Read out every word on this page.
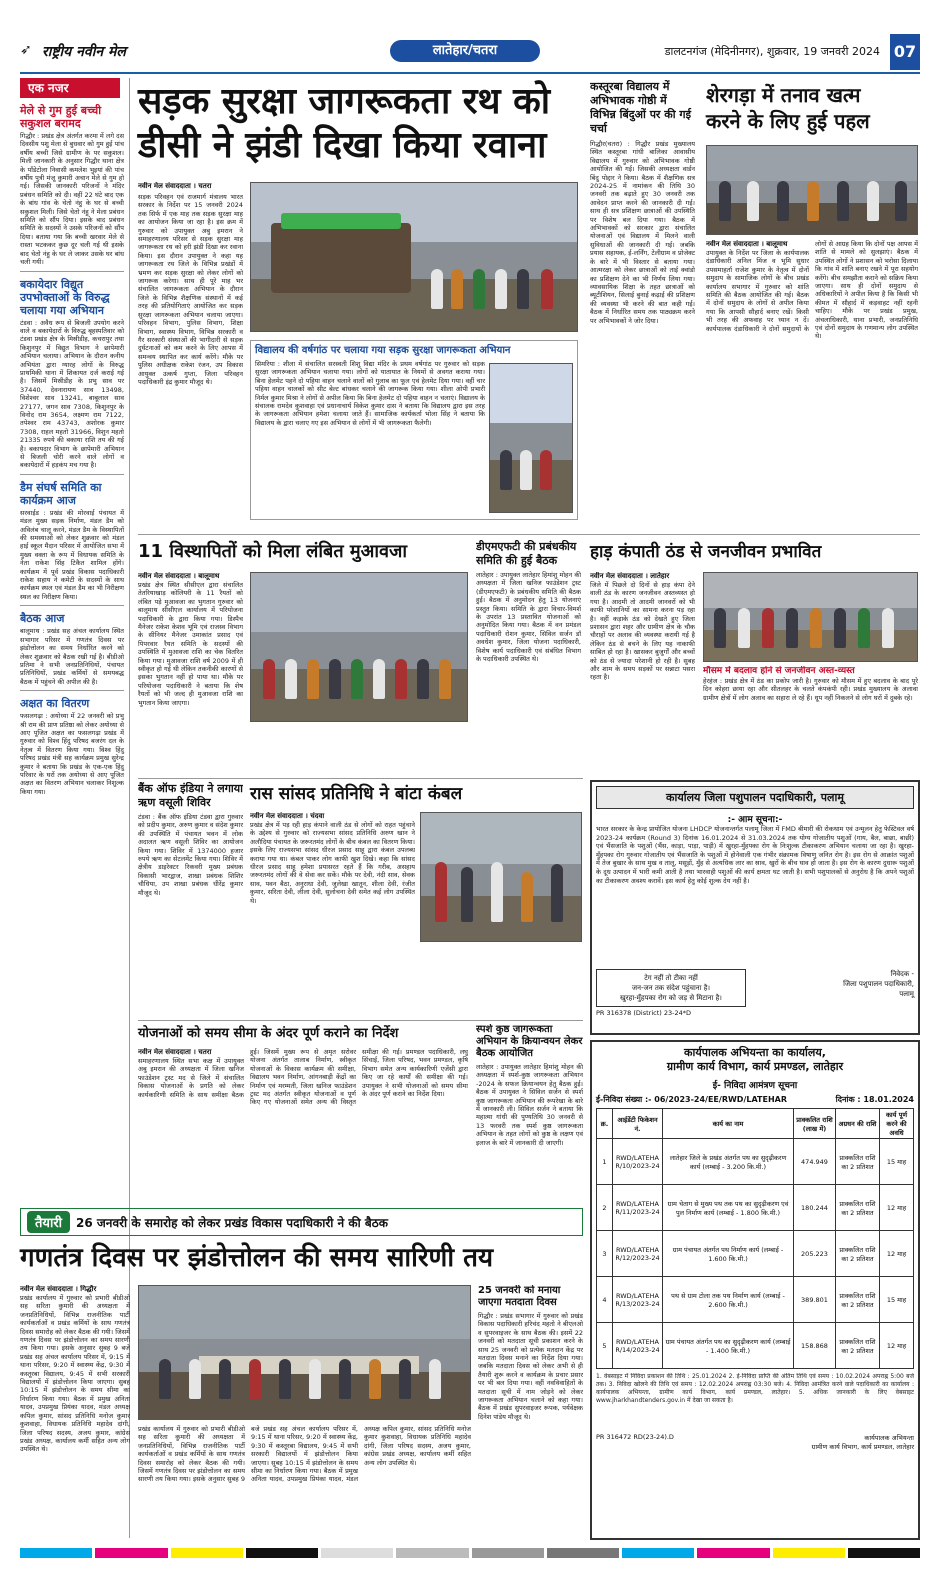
➶ राष्ट्रीय नवीन मेल	लातेहार/चतरा	डालटनगंज (मेदिनीनगर), शुक्रवार, 19 जनवरी 2024 07
एक नजर
मेले से गुम हुई बच्ची सकुशल बरामद
गिद्धौर : प्रखंड क्षेत्र अंतर्गत करमा में लगे दस दिवसीय पशु मेला से बुधवार को गुम हुई पांच वर्षीय बच्ची जिसे ग्रामीण के पर सकुशल। मिली जानकारी के अनुसार गिद्धौर थाना क्षेत्र के पाँडेटोला निवासी कमलेश भुइयां की पांच वर्षीय पुत्री मंजू कुमारी अचान मेले से गुम हो गई। जिसकी जानकारी परिजनों ने मंदिर प्रबंधन समिति को दी। वहीं 22 घंटे बाद एक के बांध गांव के चेतो नंहु के घर से बच्ची सकुशल मिली। जिसे चेतो नंहु ने मेला प्रबंधन समिति को सौंप दिया। इसके बाद प्रबंधन समिति के सदस्यों ने उसके परिजनों को सौंप दिया। बताया गया कि बच्ची खरवार मेले से रास्ता भटककर कुछ दूर चली गई थी इसके बाद चेतो नंहु के घर ले जाकर उसके घर बांध चली गयी।
बकायेदार विद्युत उपभोक्ताओं के विरुद्ध चलाया गया अभियान
टंडवा : अवैध रूप से बिजली उपयोग करने वाले व बकायेदारों के विरुद्ध बृहस्पतिवार को टंडवा प्रखंड क्षेत्र के मिस्रीडीह, कचरापुर तथा किशुनपुर में विद्युत विभाग ने छापेमारी अभियान चलाया। अभियान के दौरान कनीय अभियंता द्वारा ग्यारह लोगों के विरुद्ध प्राथमिकी थाना में शिकायत दर्ज कराई गई है। जिसमें मिस्रीडीह के प्रभु साव पर 37440, देवनारायण साव 13498, विशेश्वर साव 13241, बाबूलाल साव 27177, जगन साव 7308, किशुनपुर के विनोद राम 3654, लक्ष्मण राम 7122, तपेश्वर राम 43743, अशोरक कुमार 7308, राहल महतो 31966, विशुन महतो 21335 रुपये की बकाया राशि तय की गई है। बकायदार विभाग के छापेमारी अभियान से बिजली चोरी करने वाले लोगों व बकायेदारों में हड़कंप मच गया है।
डैम संघर्ष समिति का कार्यक्रम आज
सरवाईड : प्रखंड की मोरवाई पंचायत में मंडल मुख्य सड़क निर्माण, मंडल डैम को अविलंब चालू करने, मंडल डैम के विस्थापितों की समस्याओं को लेकर शुक्रवार को मंडल हाई स्कूल मैदान परिसर में आयोजित सभा में मुख्य वक्ता के रूप में विधायक समिति के नेता राकेश सिंह टिकैत शामिल होंगे। कार्यक्रम में पूर्व प्रखंड विकास पदाधिकारी राकेश सहाय ने कमेटी के सदस्यों के साथ कार्यक्रम स्थल एवं मंडल डैम का भी निरीक्षण स्थल का निरीक्षण किया।
बैठक आज
बालूमाथ : प्रखंड सह अंचल कार्यालय स्थित सभागार परिसर में गणतंत्र दिवस पर झंडोत्तोलन का समय निर्धारित करने को लेकर शुक्रवार को बैठक रखी गई है। बीडीओ प्रतिमा ने सभी जनप्रतिनिधियों, पंचायत प्रतिनिधियों, प्रखंड कर्मियों से समयबद्ध बैठक में पहुंचने की अपील की है।
अक्षत का वितरण
फसलगढ़ा : अयोध्या में 22 जनवरी को प्रभु श्री राम की प्राण प्रतिष्ठा को लेकर अयोध्या से आए पूजित अक्षत का फसलगढ़ा प्रखंड में गुरुवार को विश्व हिंदु परिषद बजरंग दल के नेतृत्व में वितरण किया गया। विश्व हिंदु परिषद प्रखंड मंत्री सह कार्यक्रम प्रमुख सुरेन्द्र कुमार ने बताया कि प्रखंड के एक-एक हिंदु परिवार के घरों तक अयोध्या से आए पूजित अक्षत का वितरण अभियान चलाकर निशुल्क किया गया।
सड़क सुरक्षा जागरूकता रथ को
डीसी ने झंडी दिखा किया रवाना
नवीन मेल संवाददाता । चतरा
सड़क परिवहन एवं राजमार्ग मंत्रालय भारत सरकार के निर्देश पर 15 जनवरी 2024 तक सिर्फ में एक माह तक सड़क सुरक्षा माह का आयोजन किया जा रहा है। इस क्रम में गुरुवार को उपायुक्त अबु इमरान ने समाहरणालय परिसर से सड़क सुरक्षा माह जागरूकता रथ को हरी झंडी दिखा कर रवाना किया। इस दौरान उपायुक्त ने कहा यह जागरूकता रथ जिले के विभिन्न प्रखंडों में भ्रमण कर सड़क सुरक्षा को लेकर लोगों को जागरूक करेगा। साथ ही पूरे माह भर संचालित जागरूकता अभियान के दौरान जिले के विभिन्न शैक्षणिक संस्थानों में कई तरह की प्रतियोगिताएं आयोजित कर सड़क सुरक्षा जागरूकता अभियान चलाया जाएगा। परिवहन विभाग, पुलिस विभाग, शिक्षा विभाग, स्वास्थ्य विभाग, विभिन्न सरकारी व गैर सरकारी संस्थाओं की भागीदारी से सड़क दुर्घटनाओं को कम करने के लिए आपस में समन्वय स्थापित कर कार्य करेंगे। मौके पर पुलिस अधीक्षक राकेश रंजन, उप विकास आयुक्त उत्कर्ष गुप्ता, जिला परिवहन पदाधिकारी इंद्र कुमार मौजूद थे।
विद्यालय की वर्षगांठ पर चलाया गया सड़क सुरक्षा जागरूकता अभियान
सिमरिया : शीला में संचालित सरस्वती शिशु विद्या मंदिर के प्रथम वर्षगांठ पर गुरुवार को सड़क सुरक्षा जागरूकता अभियान चलाया गया। लोगों को यातायात के नियमों से अवगत कराया गया। बिना हेलमेट पहने दो पहिया वाहन चलाने वालों को गुलाब का फूल एवं हेलमेट दिया गया। वहीं चार पहिया वाहन चालकों को सीट बेल्ट बांधकर चलाने की जागरूक किया गया। शीला ओपी प्रभारी निर्मल कुमार मिश्रा ने लोगों से अपील किया कि बिना हेलमेट दो पहिया वाहन न चलाएं। विद्यालय के संचालक रामदेव कुशवाहा एवं प्रधानाचार्य विकेश कुमार दास ने बताया कि विद्यालय द्वारा इस तरह के जागरूकता अभियान हमेशा चलाया जाते हैं। सामाजिक कार्यकर्ता भोला सिंह ने बताया कि विद्यालय के द्वारा चलाए गए इस अभियान से लोगों में भी जागरूकता फैलेगी।
कस्तूरबा विद्यालय में अभिभावक गोष्ठी में विभिन्न बिंदुओं पर की गई चर्चा
गिद्धौर(चतरा) : गिद्धौर प्रखंड मुख्यालय स्थित कस्तूरबा गांधी बालिका आवासीय विद्यालय में गुरुवार को अभिभावक गोष्ठी आयोजित की गई। जिसकी अध्यक्षता वार्डन बिंदु पोद्दार ने किया। बैठक में शैक्षणिक सत्र 2024-25 में नामांकन की तिथि 30 जनवरी तक बढ़ाते हुए 30 जनवरी तक आवेदन प्राप्त करने की जानकारी दी गई। साथ ही सत्र प्रशिक्षण छात्राओं की उपस्थिति पर विशेष बल दिया गया। बैठक में अभिभावकों को सरकार द्वारा संचालित योजनाओं एवं विद्यालय में मिलने वाली सुविधाओं की जानकारी दी गई। जबकि प्रयास सहायक, ई-लर्निंग, टेलीग्राम व प्रोजेक्ट के बारे में भी विस्तार से बताया गया। आत्मरक्षा को लेकर छात्राओं को ताई क्वांडो का प्रशिक्षण देने का भी निर्णय लिया गया। व्यावसायिक शिक्षा के तहत छात्राओं को ब्यूटीशियन, सिलाई बुनाई कढ़ाई की प्रशिक्षण की व्यवस्था भी करने की बात कही गई। बैठक में निर्धारित समय तक पाठ्यक्रम करने पर अभिभावकों ने जोर दिया।
शेरगड़ा में तनाव खत्म
करने के लिए हुई पहल
नवीन मेल संवाददाता । बालूमाथ
उपायुक्त के निर्देश पर जिला के कार्यपालक दंडाधिकारी अनिल मिंज व भूमि सुधार उपसमाहर्ता राजेश कुमार के नेतृत्व में दोनों समुदाय के सामाजिक लोगों के बीच प्रखंड कार्यालय सभागार में गुरुवार को शांति समिति की बैठक आयोजित की गई। बैठक में दोनों समुदाय के लोगों से अपील किया गया कि आपसी सौहार्द बनाए रखें। किसी भी तरह की अफवाह पर ध्यान न दें। कार्यपालक दंडाधिकारी ने दोनों समुदायों के लोगों से आग्रह किया कि दोनों पक्ष आपस में शांति से मामले को सुलझाएं। बैठक में उपस्थित लोगों ने प्रशासन को भरोसा दिलाया कि गांव में शांति बनाए रखने में पूरा सहयोग करेंगे। बीच समझौता कराने को सक्रिय किया जाएगा। साथ ही दोनों समुदाय से अधिकारियों ने अपील किया है कि किसी भी कीमत में सौहार्द में कड़वाहट नहीं रहनी चाहिए। मौके पर प्रखंड प्रमुख, अंचलाधिकारी, थाना प्रभारी, जनप्रतिनिधि एवं दोनों समुदाय के गणमान्य लोग उपस्थित थे।
11 विस्थापितों को मिला लंबित मुआवजा
नवीन मेल संवाददाता । बालूमाथ
प्रखंड क्षेत्र स्थित सीसीएल द्वारा संचालित तेतरियाखाड़ कोलियरी के 11 रैयतों को लंबित पड़े मुआवजा का भुगतान गुरुवार को बालूमाथ सीसीएल कार्यालय में परियोजना पदाधिकारी के द्वारा किया गया। डिस्पैच मैनेजर राकेश केशव भूमि एवं राजस्व विभाग के सीनियर मैनेजर उमाकांत प्रसाद एवं पिपरवार रैयत समिति के सदस्यों की उपस्थिति में मुआवजा राशि का चेक वितरित किया गया। मुआवजा राशि वर्ष 2009 में ही स्वीकृत हो गई थी लेकिन तकनीकी कारणों से इसका भुगतान नहीं हो पाया था। मौके पर परियोजना पदाधिकारी ने बताया कि शेष रैयतों को भी जल्द ही मुआवजा राशि का भुगतान किया जाएगा।
डीएमएफटी की प्रबंधकीय समिति की हुई बैठक
लातेहार : उपायुक्त लातेहार हिमांशु मोहन की अध्यक्षता में जिला खनिज फाउंडेशन ट्रस्ट (डीएमएफटी) के प्रबंधकीय समिति की बैठक हुई। बैठक में अनुमोदन हेतु 13 योजनाएं प्रस्तुत किया। समिति के द्वारा विचार-विमर्श के उपरांत 13 प्रस्तावित योजनाओं को अनुमोदित किया गया। बैठक में वन प्रमंडल पदाधिकारी रोशन कुमार, सिविल सर्जन डॉ अवधेश कुमार, जिला योजना पदाधिकारी, विशेष कार्य पदाधिकारी एवं संबंधित विभाग के पदाधिकारी उपस्थित थे।
हाड़ कंपाती ठंड से जनजीवन प्रभावित
नवीन मेल संवाददाता । लातेहार
जिले में पिछले दो दिनों से हाड़ कंपा देने वाली ठंड के कारण जनजीवन अस्तव्यस्त हो गया है। आदमी तो आदमी जानवरों को भी काफी परेशानियों का सामना करना पड़ रहा है। वहीं कड़ाके ठंड को देखते हुए जिला प्रशासन द्वारा शहर और ग्रामीण क्षेत्र के चौक चौराहों पर अलाव की व्यवस्था करायी गई है लेकिन ठंड से बचने के लिए यह नाकाफी साबित हो रहा है। खासकर बुजुर्गों और बच्चों को ठंड से ज्यादा परेशानी हो रही है। सुबह और शाम के समय सड़कों पर सन्नाटा पसरा रहता है।
मौसम में बदलाव होने से जनजीवन अस्त-व्यस्त
हेरहंज : प्रखंड क्षेत्र में ठंड का प्रकोप जारी है। गुरुवार को मौसम में हुए बदलाव के बाद पूरे दिन कोहरा छाया रहा और सीतलहर के चलते कंपकंपी रही। प्रखंड मुख्यालय के अलावा ग्रामीण क्षेत्रों में लोग अलाव का सहारा ले रहे हैं। धूप नहीं निकलने से लोग घरों में दुबके रहे।
बैंक ऑफ इंडिया ने लगाया ऋण वसूली शिविर
टंडवा : बैंक ऑफ इंडिया टंडवा द्वारा गुरुवार को प्रदीप कुमार, अरुण कुमार व संदेश कुमार की उपस्थिति में पंचायत भवन में लोक अदालत ऋण वसूली शिविर का आयोजन किया गया। शिविर में 1374000 हजार रुपये ऋण का सेटलमेंट किया गया। शिविर में क्षेत्रीय डाइरेक्टर रिकवरी मुख्य प्रबंधक विकासी भारद्वाज, शाखा प्रबंधक शिशिर चौधिया, उप शाखा प्रबंधक धीरेंद्र कुमार मौजूद थे।
रास सांसद प्रतिनिधि ने बांटा कंबल
नवीन मेल संवाददाता । चंदवा
प्रखंड क्षेत्र में पड़ रही हाड़ कंपाने वाली ठंड से लोगों को राहत पहुंचाने के उद्देश्य से गुरुवार को राज्यसभा सांसद प्रतिनिधि अरुण खान ने अलौदिया पंचायत के जरूरतमंद लोगों के बीच कंबल का वितरण किया। इसके लिए राज्यसभा सांसद धीरज प्रसाद साहू द्वारा कंबल उपलब्ध कराया गया था। कंबल पाकर लोग काफी खुश दिखे। कहा कि सांसद धीरज प्रसाद साहू हमेशा प्रयासरत रहते हैं कि गरीब, असहाय जरूरतमंद लोगों की वे सेवा कर सकें। मौके पर देवी, नंदी साव, सेवक साव, पवन बैठा, अनुराधा देवी, जुलेखा खातून, शीला देवी, रंजीत कुमार, सरिता देवी, लीला देवी, सुलोचना देवी समेत कई लोग उपस्थित थे।
योजनाओं को समय सीमा के अंदर पूर्ण कराने का निर्देश
नवीन मेल संवाददाता । चतरा
समाहरणालय स्थित सभा कक्ष में उपायुक्त अबु इमरान की अध्यक्षता में जिला खनिज फाउंडेशन ट्रस्ट मद से जिले में संचालित विकास योजनाओं के प्रगति को लेकर कार्यकारिणी समिति के साथ समीक्षा बैठक हुई। जिसमें मुख्य रूप से अमृत सरोवर योजना अंतर्गत तालाब निर्माण, स्वीकृत योजनाओं के विकास कार्यक्रम की समीक्षा, विद्यालय भवन निर्माण, आंगनबाड़ी केंद्रों का निर्माण एवं मरम्मती, जिला खनिज फाउंडेशन ट्रस्ट मद अंतर्गत स्वीकृत योजनाओं व पूर्ण किए गए योजनाओं समेत अन्य की विस्तृत समीक्षा की गई। प्रमण्डल पदाधिकारी, लघु सिंचाई, जिला परिषद, भवन प्रमण्डल, कृषि विभाग समेत अन्य कार्यकारिणी एजेंसी द्वारा किए जा रहे कार्यों की समीक्षा की गई। उपायुक्त ने सभी योजनाओं को समय सीमा के अंदर पूर्ण कराने का निर्देश दिया।
स्पर्श कुष्ठ जागरूकता अभियान के क्रियान्वयन लेकर बैठक आयोजित
लातेहार : उपायुक्त लातेहार हिमांशु मोहन की अध्यक्षता में स्पर्श-कुष्ठ जागरूकता अभियान -2024 के सफल क्रियान्वयन हेतु बैठक हुई। बैठक में उपायुक्त ने सिविल सर्जन से स्पर्श कुष्ठ जागरूकता अभियान की रूपरेखा के बारे में जानकारी ली। सिविल सर्जन ने बताया कि महात्मा गांधी की पुण्यतिथि 30 जनवरी से 13 फरवरी तक स्पर्श कुष्ठ जागरूकता अभियान के तहत लोगों को कुष्ठ के लक्षण एवं इलाज के बारे में जानकारी दी जाएगी।
कार्यालय जिला पशुपालन पदाधिकारी, पलामू
:- आम सूचना:-
भारत सरकार के केन्द्र प्रायोजित योजना LHDCP योजनान्तर्गत पलामू जिला में FMD बीमारी की रोकथाम एवं उन्मूलन हेतु फेस्टिवल वर्ष 2023-24 कार्यक्रम (Round 3) दिनांक 16.01.2024 से 31.03.2024 तक योग्य गोजातीय पशुओं (गाय, बैल, बाछा, बाछी) एवं भैंसजाति के पशुओं (भैंस, काड़ा, पाड़ा, पाड़ी) में खुरहा-मुँहपका रोग के निःशुल्क टीकाकरण अभियान चलाया जा रहा है। खुरहा-मुँहपका रोग गुरुवार गोजातीय एवं भैंसजाति के पशुओं में होनेवाली एक गंभीर संक्रामक विषाणु जनित रोग है। इस रोग से आक्रांत पशुओं में तेज बुखार के साथ मुख व तालू, मसूड़ों, मुँह से अत्यधिक लार का स्राव, खुरों के बीच घाव हो जाता है। इस रोग के कारण दुधारू पशुओं के दूध उत्पादन में भारी कमी आती है तथा भारवाही पशुओं की कार्य क्षमता घट जाती है। सभी पशुपालकों से अनुरोध है कि अपने पशुओं का टीकाकरण अवश्य करावें। इस कार्य हेतु कोई शुल्क देय नहीं है।
टेग नहीं तो टीका नहीं
जन-जन तक संदेश पहुंचाना है।
खुरहा-मुँहपका रोग को जड़ से मिटाना है।
निवेदक -
जिला पशुपालन पदाधिकारी,
पलामू
PR 316378 (District) 23-24*D
कार्यपालक अभियन्ता का कार्यालय,
ग्रामीण कार्य विभाग, कार्य प्रमण्डल, लातेहार
ई- निविदा आमंत्रण सूचना
ई-निविदा संख्या :- 06/2023-24/EE/RWD/LATEHAR	दिनांक : 18.01.2024
क्र.	आईडेंटी फिकेशन नं.	कार्य का नाम	प्राक्कलित राशि (लाख में)	अग्रधन की राशि	कार्य पूर्ण करने की अवधि
1	RWD/LATEHA R/10/2023-24	लातेहार जिले के प्रखंड अंतर्गत पथ का सुदृढ़ीकरण कार्य (लम्बाई - 3.200 कि.मी.)	474.949	प्राक्कलित राशि का 2 प्रतिशत	15 माह
2	RWD/LATEHA R/11/2023-24	ग्राम चेताग से मुख्य पथ तक पथ का सुदृढ़ीकरण एवं पुल निर्माण कार्य (लम्बाई - 1.800 कि.मी.)	180.244	प्राक्कलित राशि का 2 प्रतिशत	12 माह
3	RWD/LATEHA R/12/2023-24	ग्राम पंचायत अंतर्गत पथ निर्माण कार्य (लम्बाई - 1.600 कि.मी.)	205.223	प्राक्कलित राशि का 2 प्रतिशत	12 माह
4	RWD/LATEHA R/13/2023-24	पथ से ग्राम टोला तक पथ निर्माण कार्य (लम्बाई - 2.600 कि.मी.)	389.801	प्राक्कलित राशि का 2 प्रतिशत	15 माह
5	RWD/LATEHA R/14/2023-24	ग्राम पंचायत अंतर्गत पथ का सुदृढ़ीकरण कार्य (लम्बाई - 1.400 कि.मी.)	158.868	प्राक्कलित राशि का 2 प्रतिशत	12 माह
1. वेबसाइट में निविदा प्रकाशन की तिथि : 25.01.2024 2. ई-निविदा प्राप्ति की अंतिम तिथि एवं समय : 10.02.2024 अपराह्न 5:00 बजे तक। 3. निविदा खोलने की तिथि एवं समय : 12.02.2024 अपराह्न 03:30 बजे। 4. निविदा आमंत्रित करने वाले पदाधिकारी का कार्यालय : कार्यपालक अभियन्ता, ग्रामीण कार्य विभाग, कार्य प्रमण्डल, लातेहार। 5. अधिक जानकारी के लिए वेबसाइट www.jharkhandtenders.gov.in में देखा जा सकता है।
PR 316472 RD(23-24).D	कार्यपालक अभियन्ता
ग्रामीण कार्य विभाग, कार्य प्रमण्डल, लातेहार
तैयारी	26 जनवरी के समारोह को लेकर प्रखंड विकास पदाधिकारी ने की बैठक
गणतंत्र दिवस पर झंडोत्तोलन की समय सारिणी तय
नवीन मेल संवाददाता । गिद्धौर
प्रखंड कार्यालय में गुरुवार को प्रभारी बीडीओ सह सरिता कुमारी की अध्यक्षता में जनप्रतिनिधियों, विभिन्न राजनीतिक पार्टी कार्यकर्ताओं व प्रखंड कर्मियों के साथ गणतंत्र दिवस समारोह को लेकर बैठक की गयी। जिसमें गणतंत्र दिवस पर झंडोत्तोलन का समय सारणी तय किया गया। इसके अनुसार सुबह 9 बजे प्रखंड सह अंचल कार्यालय परिसर में, 9:15 में थाना परिसर, 9:20 में स्वास्थ्य केंद्र, 9:30 में कस्तूरबा विद्यालय, 9:45 में सभी सरकारी विद्यालयों में झंडोत्तोलन किया जाएगा। सुबह 10:15 में झंडोत्तोलन के समय सीमा का निर्धारण किया गया। बैठक में प्रमुख अनिता यादव, उपप्रमुख प्रियंका यादव, मंडल अध्यक्ष कपिल कुमार, सांसद प्रतिनिधि मनोज कुमार कुशवाहा, विधायक प्रतिनिधि महादेव दांगी, जिला परिषद सदस्य, अजय कुमार, कांग्रेस प्रखंड अध्यक्ष, कार्यालय कर्मी सहित अन्य लोग उपस्थित थे।
प्रखंड कार्यालय में गुरुवार को प्रभारी बीडीओ सह सरिता कुमारी की अध्यक्षता में जनप्रतिनिधियों, विभिन्न राजनीतिक पार्टी कार्यकर्ताओं व प्रखंड कर्मियों के साथ गणतंत्र दिवस समारोह को लेकर बैठक की गयी। जिसमें गणतंत्र दिवस पर झंडोत्तोलन का समय सारणी तय किया गया। इसके अनुसार सुबह 9 बजे प्रखंड सह अंचल कार्यालय परिसर में, 9:15 में थाना परिसर, 9:20 में स्वास्थ्य केंद्र, 9:30 में कस्तूरबा विद्यालय, 9:45 में सभी सरकारी विद्यालयों में झंडोत्तोलन किया जाएगा। सुबह 10:15 में झंडोत्तोलन के समय सीमा का निर्धारण किया गया। बैठक में प्रमुख अनिता यादव, उपप्रमुख प्रियंका यादव, मंडल अध्यक्ष कपिल कुमार, सांसद प्रतिनिधि मनोज कुमार कुशवाहा, विधायक प्रतिनिधि महादेव दांगी, जिला परिषद सदस्य, अजय कुमार, कांग्रेस प्रखंड अध्यक्ष, कार्यालय कर्मी सहित अन्य लोग उपस्थित थे।
25 जनवरी को मनाया जाएगा मतदाता दिवस
गिद्धौर : प्रखंड सभागार में गुरुवार को प्रखंड विकास पदाधिकारी हरिचंद महतो ने बीएलओ व सुपरवाइजर के साथ बैठक की। इसमें 22 जनवरी को मतदाता सूची प्रकाशन करने के साथ 25 जनवरी को प्रत्येक मतदान केंद्र पर मतदाता दिवस मनाने का निर्देश दिया गया। जबकि मतदाता दिवस को लेकर अभी से ही तैयारी शुरू करने व कार्यक्रम के प्रचार प्रसार पर भी बल दिया गया। वहीं नवविवाहितों के मतदाता सूची में नाम जोड़ने को लेकर जागरूकता अभियान चलाने को कहा गया। बैठक में प्रखंड सुपरवाइजर रूपक, पर्यवेक्षक दिनेश पांडेय मौजूद थे।
